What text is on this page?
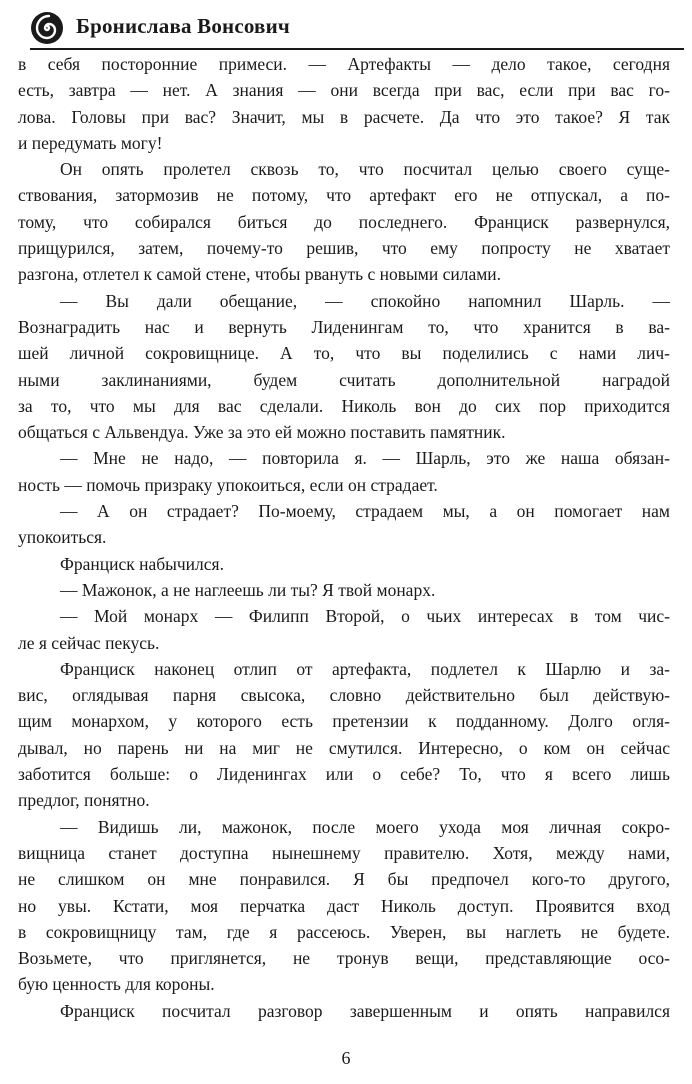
Бронислава Вонсович
в себя посторонние примеси. — Артефакты — дело такое, сегодня
есть, завтра — нет. А знания — они всегда при вас, если при вас го-
лова. Головы при вас? Значит, мы в расчете. Да что это такое? Я так
и передумать могу!
Он опять пролетел сквозь то, что посчитал целью своего суще-
ствования, затормозив не потому, что артефакт его не отпускал, а по-
тому, что собирался биться до последнего. Франциск развернулся,
прищурился, затем, почему-то решив, что ему попросту не хватает
разгона, отлетел к самой стене, чтобы рвануть с новыми силами.
— Вы дали обещание, — спокойно напомнил Шарль. —
Вознаградить нас и вернуть Лиденингам то, что хранится в ва-
шей личной сокровищнице. А то, что вы поделились с нами лич-
ными заклинаниями, будем считать дополнительной наградой
за то, что мы для вас сделали. Николь вон до сих пор приходится
общаться с Альвендуа. Уже за это ей можно поставить памятник.
— Мне не надо, — повторила я. — Шарль, это же наша обязан-
ность — помочь призраку упокоиться, если он страдает.
— А он страдает? По-моему, страдаем мы, а он помогает нам
упокоиться.
Франциск набычился.
— Мажонок, а не наглеешь ли ты? Я твой монарх.
— Мой монарх — Филипп Второй, о чьих интересах в том чис-
ле я сейчас пекусь.
Франциск наконец отлип от артефакта, подлетел к Шарлю и за-
вис, оглядывая парня свысока, словно действительно был действую-
щим монархом, у которого есть претензии к подданному. Долго огля-
дывал, но парень ни на миг не смутился. Интересно, о ком он сейчас
заботится больше: о Лиденингах или о себе? То, что я всего лишь
предлог, понятно.
— Видишь ли, мажонок, после моего ухода моя личная сокро-
вищница станет доступна нынешнему правителю. Хотя, между нами,
не слишком он мне понравился. Я бы предпочел кого-то другого,
но увы. Кстати, моя перчатка даст Николь доступ. Проявится вход
в сокровищницу там, где я рассеюсь. Уверен, вы наглеть не будете.
Возьмете, что приглянется, не тронув вещи, представляющие осо-
бую ценность для короны.
Франциск посчитал разговор завершенным и опять направился
6
